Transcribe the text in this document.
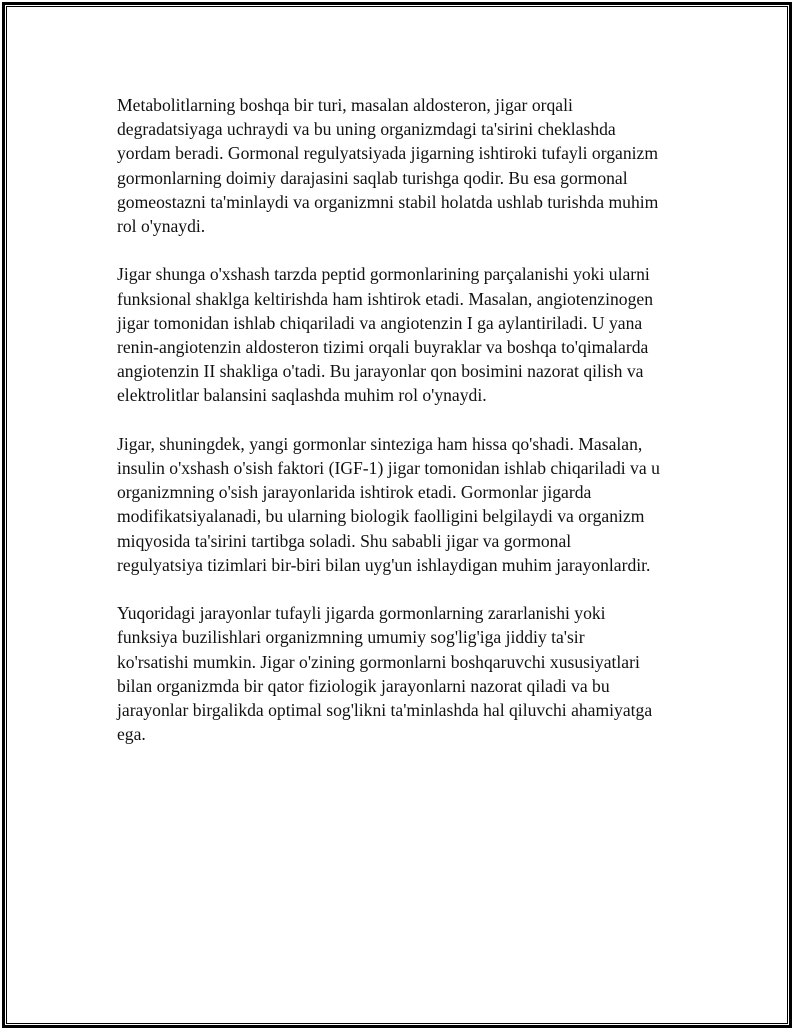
Metabolitlarning boshqa bir turi, masalan aldosteron, jigar orqali
degradatsiyaga uchraydi va bu uning organizmdagi ta'sirini cheklashda
yordam beradi. Gormonal regulyatsiyada jigarning ishtiroki tufayli organizm
gormonlarning doimiy darajasini saqlab turishga qodir. Bu esa gormonal
gomeostazni ta'minlaydi va organizmni stabil holatda ushlab turishda muhim
rol o'ynaydi.

Jigar shunga o'xshash tarzda peptid gormonlarining parçalanishi yoki ularni
funksional shaklga keltirishda ham ishtirok etadi. Masalan, angiotenzinogen
jigar tomonidan ishlab chiqariladi va angiotenzin I ga aylantiriladi. U yana
renin-angiotenzin aldosteron tizimi orqali buyraklar va boshqa to'qimalarda
angiotenzin II shakliga o'tadi. Bu jarayonlar qon bosimini nazorat qilish va
elektrolitlar balansini saqlashda muhim rol o'ynaydi.

Jigar, shuningdek, yangi gormonlar sinteziga ham hissa qo'shadi. Masalan,
insulin o'xshash o'sish faktori (IGF-1) jigar tomonidan ishlab chiqariladi va u
organizmning o'sish jarayonlarida ishtirok etadi. Gormonlar jigarda
modifikatsiyalanadi, bu ularning biologik faolligini belgilaydi va organizm
miqyosida ta'sirini tartibga soladi. Shu sababli jigar va gormonal
regulyatsiya tizimlari bir-biri bilan uyg'un ishlaydigan muhim jarayonlardir.

Yuqoridagi jarayonlar tufayli jigarda gormonlarning zararlanishi yoki
funksiya buzilishlari organizmning umumiy sog'lig'iga jiddiy ta'sir
ko'rsatishi mumkin. Jigar o'zining gormonlarni boshqaruvchi xususiyatlari
bilan organizmda bir qator fiziologik jarayonlarni nazorat qiladi va bu
jarayonlar birgalikda optimal sog'likni ta'minlashda hal qiluvchi ahamiyatga
ega.
